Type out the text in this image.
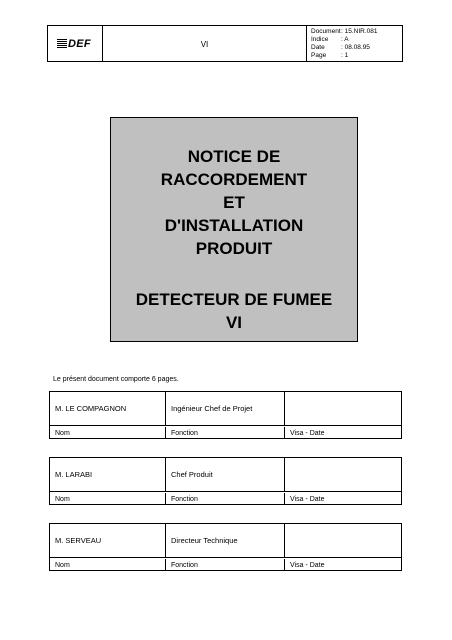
DEF	VI
Document : 15.NIR.081
Indice	: A
Date	: 08.08.95
Page	: 1
NOTICE DE
RACCORDEMENT
ET
D'INSTALLATION
PRODUIT
DETECTEUR DE FUMEE
VI
Le présent document comporte 6 pages.
M. LE COMPAGNON	Ingénieur Chef de Projet
Nom	Fonction	Visa - Date
M. LARABI	Chef Produit
Nom	Fonction	Visa - Date
M. SERVEAU	Directeur Technique
Nom	Fonction	Visa - Date
